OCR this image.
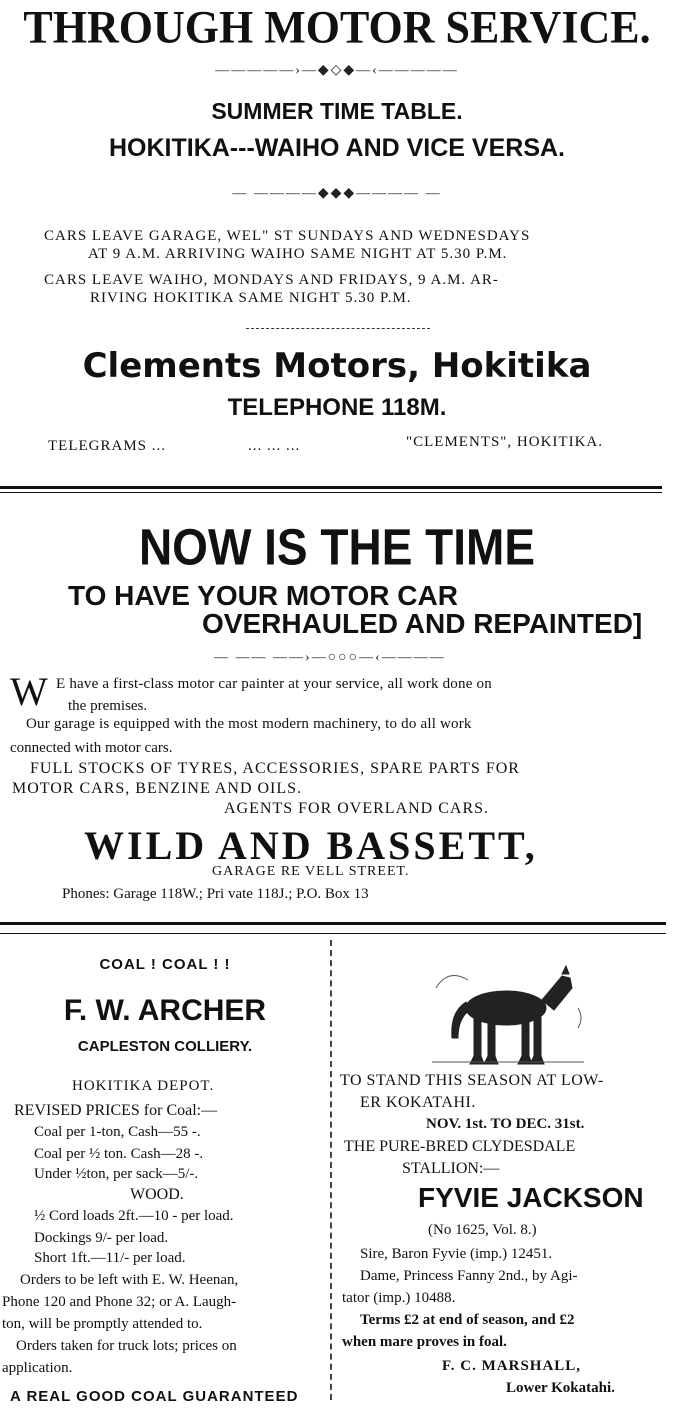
THROUGH MOTOR SERVICE.
—————›—◆◇◆—‹—————
SUMMER TIME TABLE.
HOKITIKA---WAIHO AND VICE VERSA.
— ————◆◆◆———— —
CARS LEAVE GARAGE, WEL" ST SUNDAYS AND WEDNESDAYS
AT 9 A.M. ARRIVING WAIHO SAME NIGHT AT 5.30 P.M.
CARS LEAVE WAIHO, MONDAYS AND FRIDAYS, 9 A.M. AR-
RIVING HOKITIKA SAME NIGHT 5.30 P.M.
Clements Motors, Hokitika
TELEPHONE 118M.
TELEGRAMS ...	... ... ...	"CLEMENTS", HOKITIKA.
NOW IS THE TIME
TO HAVE YOUR MOTOR CAR
OVERHAULED AND REPAINTED]
— —— ——›—○○○—‹————
W E have a first-class motor car painter at your service, all work done on
the premises.
Our garage is equipped with the most modern machinery, to do all work
connected with motor cars.
FULL STOCKS OF TYRES, ACCESSORIES, SPARE PARTS FOR
MOTOR CARS, BENZINE AND OILS.
AGENTS FOR OVERLAND CARS.
WILD AND BASSETT,
GARAGE RE VELL STREET.
Phones: Garage 118W.; Pri vate 118J.; P.O. Box 13
COAL ! COAL ! !
F. W. ARCHER
CAPLESTON COLLIERY.
HOKITIKA DEPOT.
REVISED PRICES for Coal:—
Coal per 1-ton, Cash—55 -.
Coal per ½ ton. Cash—28 -.
Under ½ton, per sack—5/-.
WOOD.
½ Cord loads 2ft.—10 - per load.
Dockings 9/- per load.
Short 1ft.—11/- per load.
Orders to be left with E. W. Heenan,
Phone 120 and Phone 32; or A. Laugh-
ton, will be promptly attended to.
Orders taken for truck lots; prices on
application.
A REAL GOOD COAL GUARANTEED
TO STAND THIS SEASON AT LOW-
ER KOKATAHI.
NOV. 1st. TO DEC. 31st.
THE PURE-BRED CLYDESDALE
STALLION:—
FYVIE JACKSON
(No 1625, Vol. 8.)
Sire, Baron Fyvie (imp.) 12451.
Dame, Princess Fanny 2nd., by Agi-
tator (imp.) 10488.
Terms £2 at end of season, and £2
when mare proves in foal.
F. C. MARSHALL,
Lower Kokatahi.
